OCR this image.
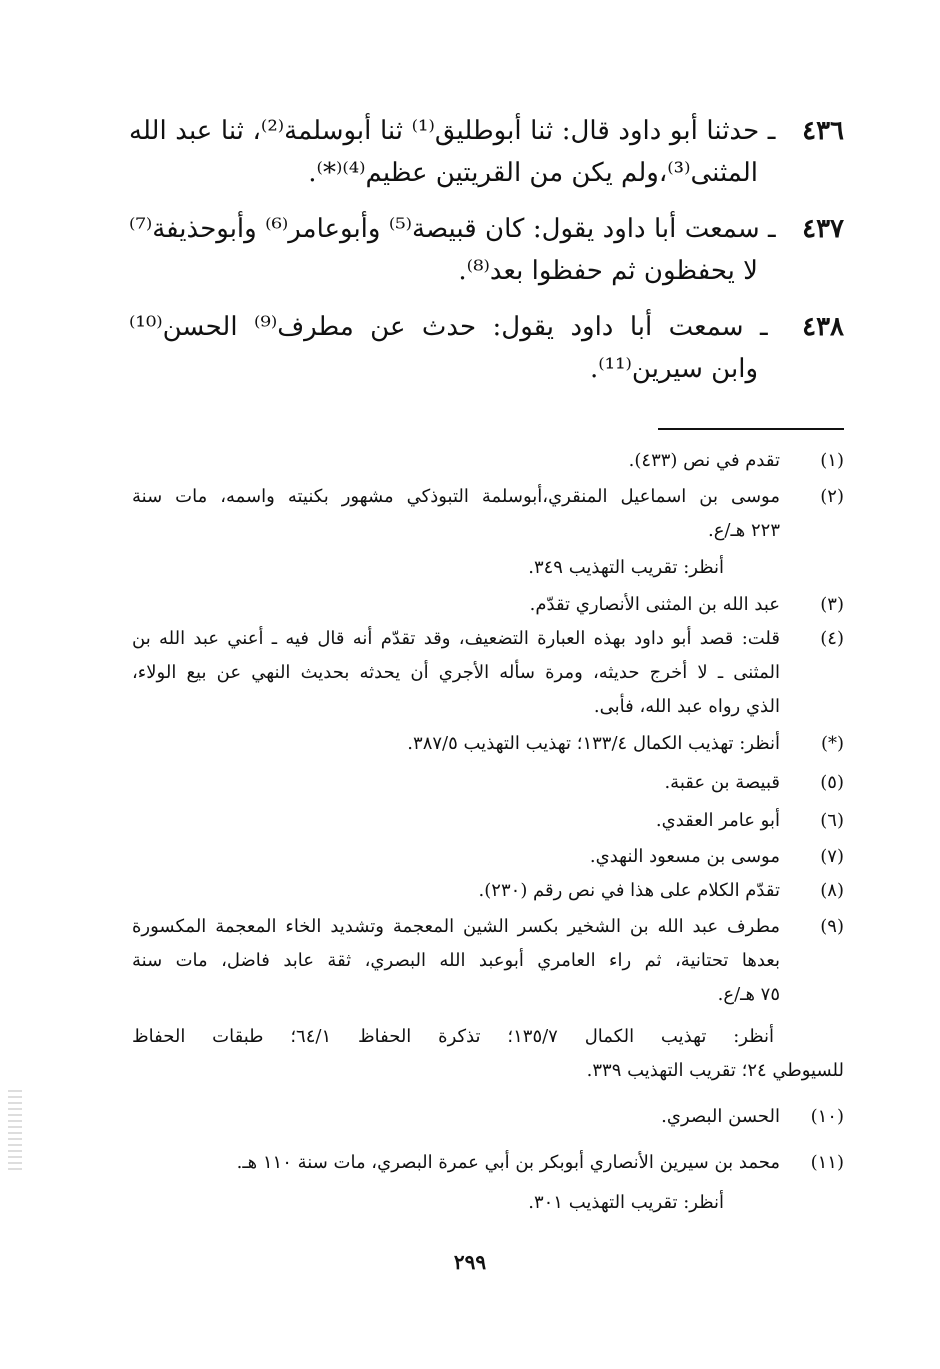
٤٣٦ ـ حدثنا أبو داود قال: ثنا أبوطليق⁽¹⁾ ثنا أبوسلمة⁽²⁾، ثنا عبد الله
المثنى⁽³⁾،ولم يكن من القريتين عظيم⁽⁴⁾⁽*⁾.
٤٣٧ ـ سمعت أبا داود يقول: كان قبيصة⁽⁵⁾ وأبوعامر⁽⁶⁾ وأبوحذيفة⁽⁷⁾
لا يحفظون ثم حفظوا بعد⁽⁸⁾.
٤٣٨ ـ سمعت أبا داود يقول: حدث عن مطرف⁽⁹⁾ الحسن⁽¹⁰⁾
وابن سيرين⁽¹¹⁾.
(١)
تقدم في نص (٤٣٣).
(٢)
موسى بن اسماعيل المنقري،أبوسلمة التبوذكي مشهور بكنيته واسمه، مات سنة
٢٢٣ هـ/ع.
أنظر: تقريب التهذيب ٣٤٩.
(٣)
عبد الله بن المثنى الأنصاري تقدّم.
(٤)
قلت: قصد أبو داود بهذه العبارة التضعيف، وقد تقدّم أنه قال فيه ـ أعني عبد الله بن
المثنى ـ لا أخرج حديثه، ومرة سأله الأجري أن يحدثه بحديث النهي عن بيع الولاء،
الذي رواه عبد الله، فأبى.
(*)
أنظر: تهذيب الكمال ١٣٣/٤؛ تهذيب التهذيب ٣٨٧/٥.
(٥)
قبيصة بن عقبة.
(٦)
أبو عامر العقدي.
(٧)
موسى بن مسعود النهدي.
(٨)
تقدّم الكلام على هذا في نص رقم (٢٣٠).
(٩)
مطرف عبد الله بن الشخير بكسر الشين المعجمة وتشديد الخاء المعجمة المكسورة
بعدها تحتانية، ثم راء العامري أبوعبد الله البصري، ثقة عابد فاضل، مات سنة
٧٥ هـ/ع.
أنظر: تهذيب الكمال ١٣٥/٧؛ تذكرة الحفاظ ٦٤/١؛ طبقات الحفاظ
للسيوطي ٢٤؛ تقريب التهذيب ٣٣٩.
(١٠)
الحسن البصري.
(١١)
محمد بن سيرين الأنصاري أبوبكر بن أبي عمرة البصري، مات سنة ١١٠ هـ.
أنظر: تقريب التهذيب ٣٠١.
٢٩٩
